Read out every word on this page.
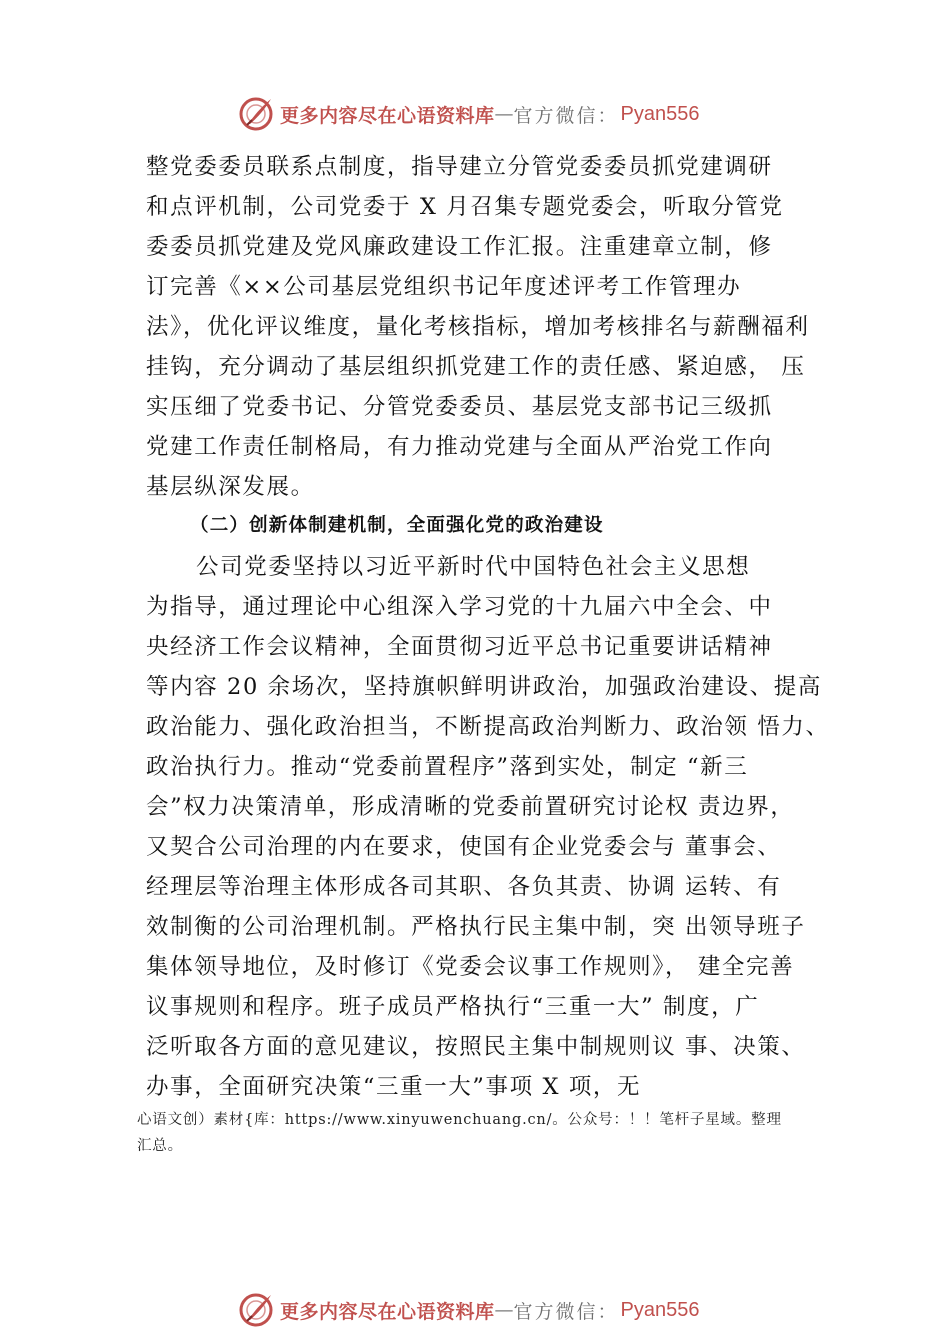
更多内容尽在心语资料库 — 官方微信： Pyan556
整党委委员联系点制度，指导建立分管党委委员抓党建调研
和点评机制，公司党委于 X 月召集专题党委会，听取分管党
委委员抓党建及党风廉政建设工作汇报。注重建章立制，修
订完善《××公司基层党组织书记年度述评考工作管理办
法》，优化评议维度，量化考核指标，增加考核排名与薪酬福利
挂钩，充分调动了基层组织抓党建工作的责任感、紧迫感， 压
实压细了党委书记、分管党委委员、基层党支部书记三级抓
党建工作责任制格局，有力推动党建与全面从严治党工作向
基层纵深发展。
（二）创新体制建机制，全面强化党的政治建设
公司党委坚持以习近平新时代中国特色社会主义思想
为指导，通过理论中心组深入学习党的十九届六中全会、中
央经济工作会议精神，全面贯彻习近平总书记重要讲话精神
等内容 20 余场次，坚持旗帜鲜明讲政治，加强政治建设、提高
政治能力、强化政治担当，不断提高政治判断力、政治领 悟力、
政治执行力。推动“党委前置程序”落到实处，制定 “新三
会”权力决策清单，形成清晰的党委前置研究讨论权 责边界，
又契合公司治理的内在要求，使国有企业党委会与 董事会、
经理层等治理主体形成各司其职、各负其责、协调 运转、有
效制衡的公司治理机制。严格执行民主集中制，突 出领导班子
集体领导地位，及时修订《党委会议事工作规则》， 建全完善
议事规则和程序。班子成员严格执行“三重一大” 制度，广
泛听取各方面的意见建议，按照民主集中制规则议 事、决策、
办事，全面研究决策“三重一大”事项 X 项，无
心语文创）素材{库：https://www.xinyuwenchuang.cn/。公众号：！！笔杆子星域。整理
汇总。
更多内容尽在心语资料库 — 官方微信： Pyan556
